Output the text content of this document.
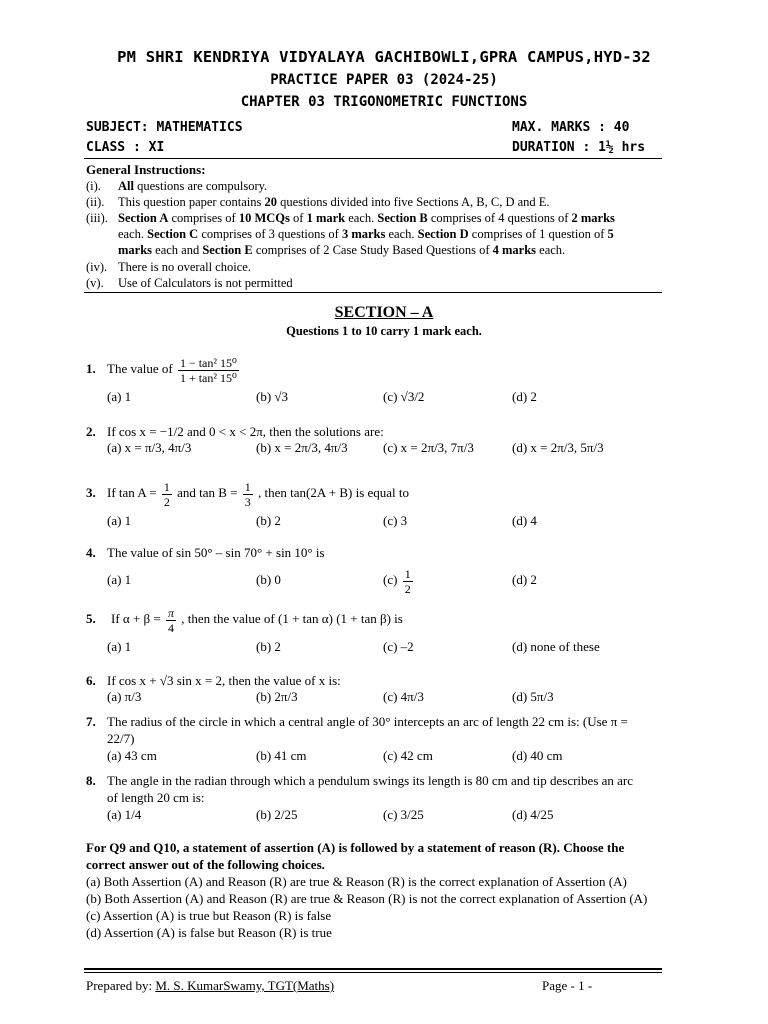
PM SHRI KENDRIYA VIDYALAYA GACHIBOWLI,GPRA CAMPUS,HYD-32
PRACTICE PAPER 03 (2024-25)
CHAPTER 03 TRIGONOMETRIC FUNCTIONS
SUBJECT: MATHEMATICS	MAX. MARKS : 40
CLASS : XI	DURATION : 1½ hrs
General Instructions:
(i). All questions are compulsory.
(ii). This question paper contains 20 questions divided into five Sections A, B, C, D and E.
(iii). Section A comprises of 10 MCQs of 1 mark each. Section B comprises of 4 questions of 2 marks
each. Section C comprises of 3 questions of 3 marks each. Section D comprises of 1 question of 5
marks each and Section E comprises of 2 Case Study Based Questions of 4 marks each.
(iv). There is no overall choice.
(v). Use of Calculators is not permitted
SECTION – A
Questions 1 to 10 carry 1 mark each.
1. The value of $\frac{\text{1 − tan² 15⁰}}{\text{1 + tan² 15⁰}}$
(a) 1	(b) √3	(c) √3/2	(d) 2
2. If cos x = −1/2 and 0 < x < 2π, then the solutions are:
(a) x = π/3, 4π/3	(b) x = 2π/3, 4π/3	(c) x = 2π/3, 7π/3	(d) x = 2π/3, 5π/3
3. If $\tan A = \frac{1}{2}$ and $\tan B = \frac{1}{3}$ , then tan(2A + B) is equal to
(a) 1	(b) 2	(c) 3	(d) 4
4. The value of sin 50° – sin 70° + sin 10° is
(a) 1	(b) 0	$(c) \frac{1}{2}$	(d) 2
5. If $\alpha + \beta = \frac{\pi}{4}$ , then the value of (1 + tan α) (1 + tan β) is
(a) 1	(b) 2	(c) –2	(d) none of these
6. If cos x + √3 sin x = 2, then the value of x is:
(a) π/3	(b) 2π/3	(c) 4π/3	(d) 5π/3
7. The radius of the circle in which a central angle of 30° intercepts an arc of length 22 cm is: (Use π =
22/7)
(a) 43 cm	(b) 41 cm	(c) 42 cm	(d) 40 cm
8. The angle in the radian through which a pendulum swings its length is 80 cm and tip describes an arc
of length 20 cm is:
(a) 1/4	(b) 2/25	(c) 3/25	(d) 4/25
For Q9 and Q10, a statement of assertion (A) is followed by a statement of reason (R). Choose the
correct answer out of the following choices.
(a) Both Assertion (A) and Reason (R) are true & Reason (R) is the correct explanation of Assertion (A)
(b) Both Assertion (A) and Reason (R) are true & Reason (R) is not the correct explanation of Assertion (A)
(c) Assertion (A) is true but Reason (R) is false
(d) Assertion (A) is false but Reason (R) is true
Prepared by: M. S. KumarSwamy, TGT(Maths)	Page - 1 -
